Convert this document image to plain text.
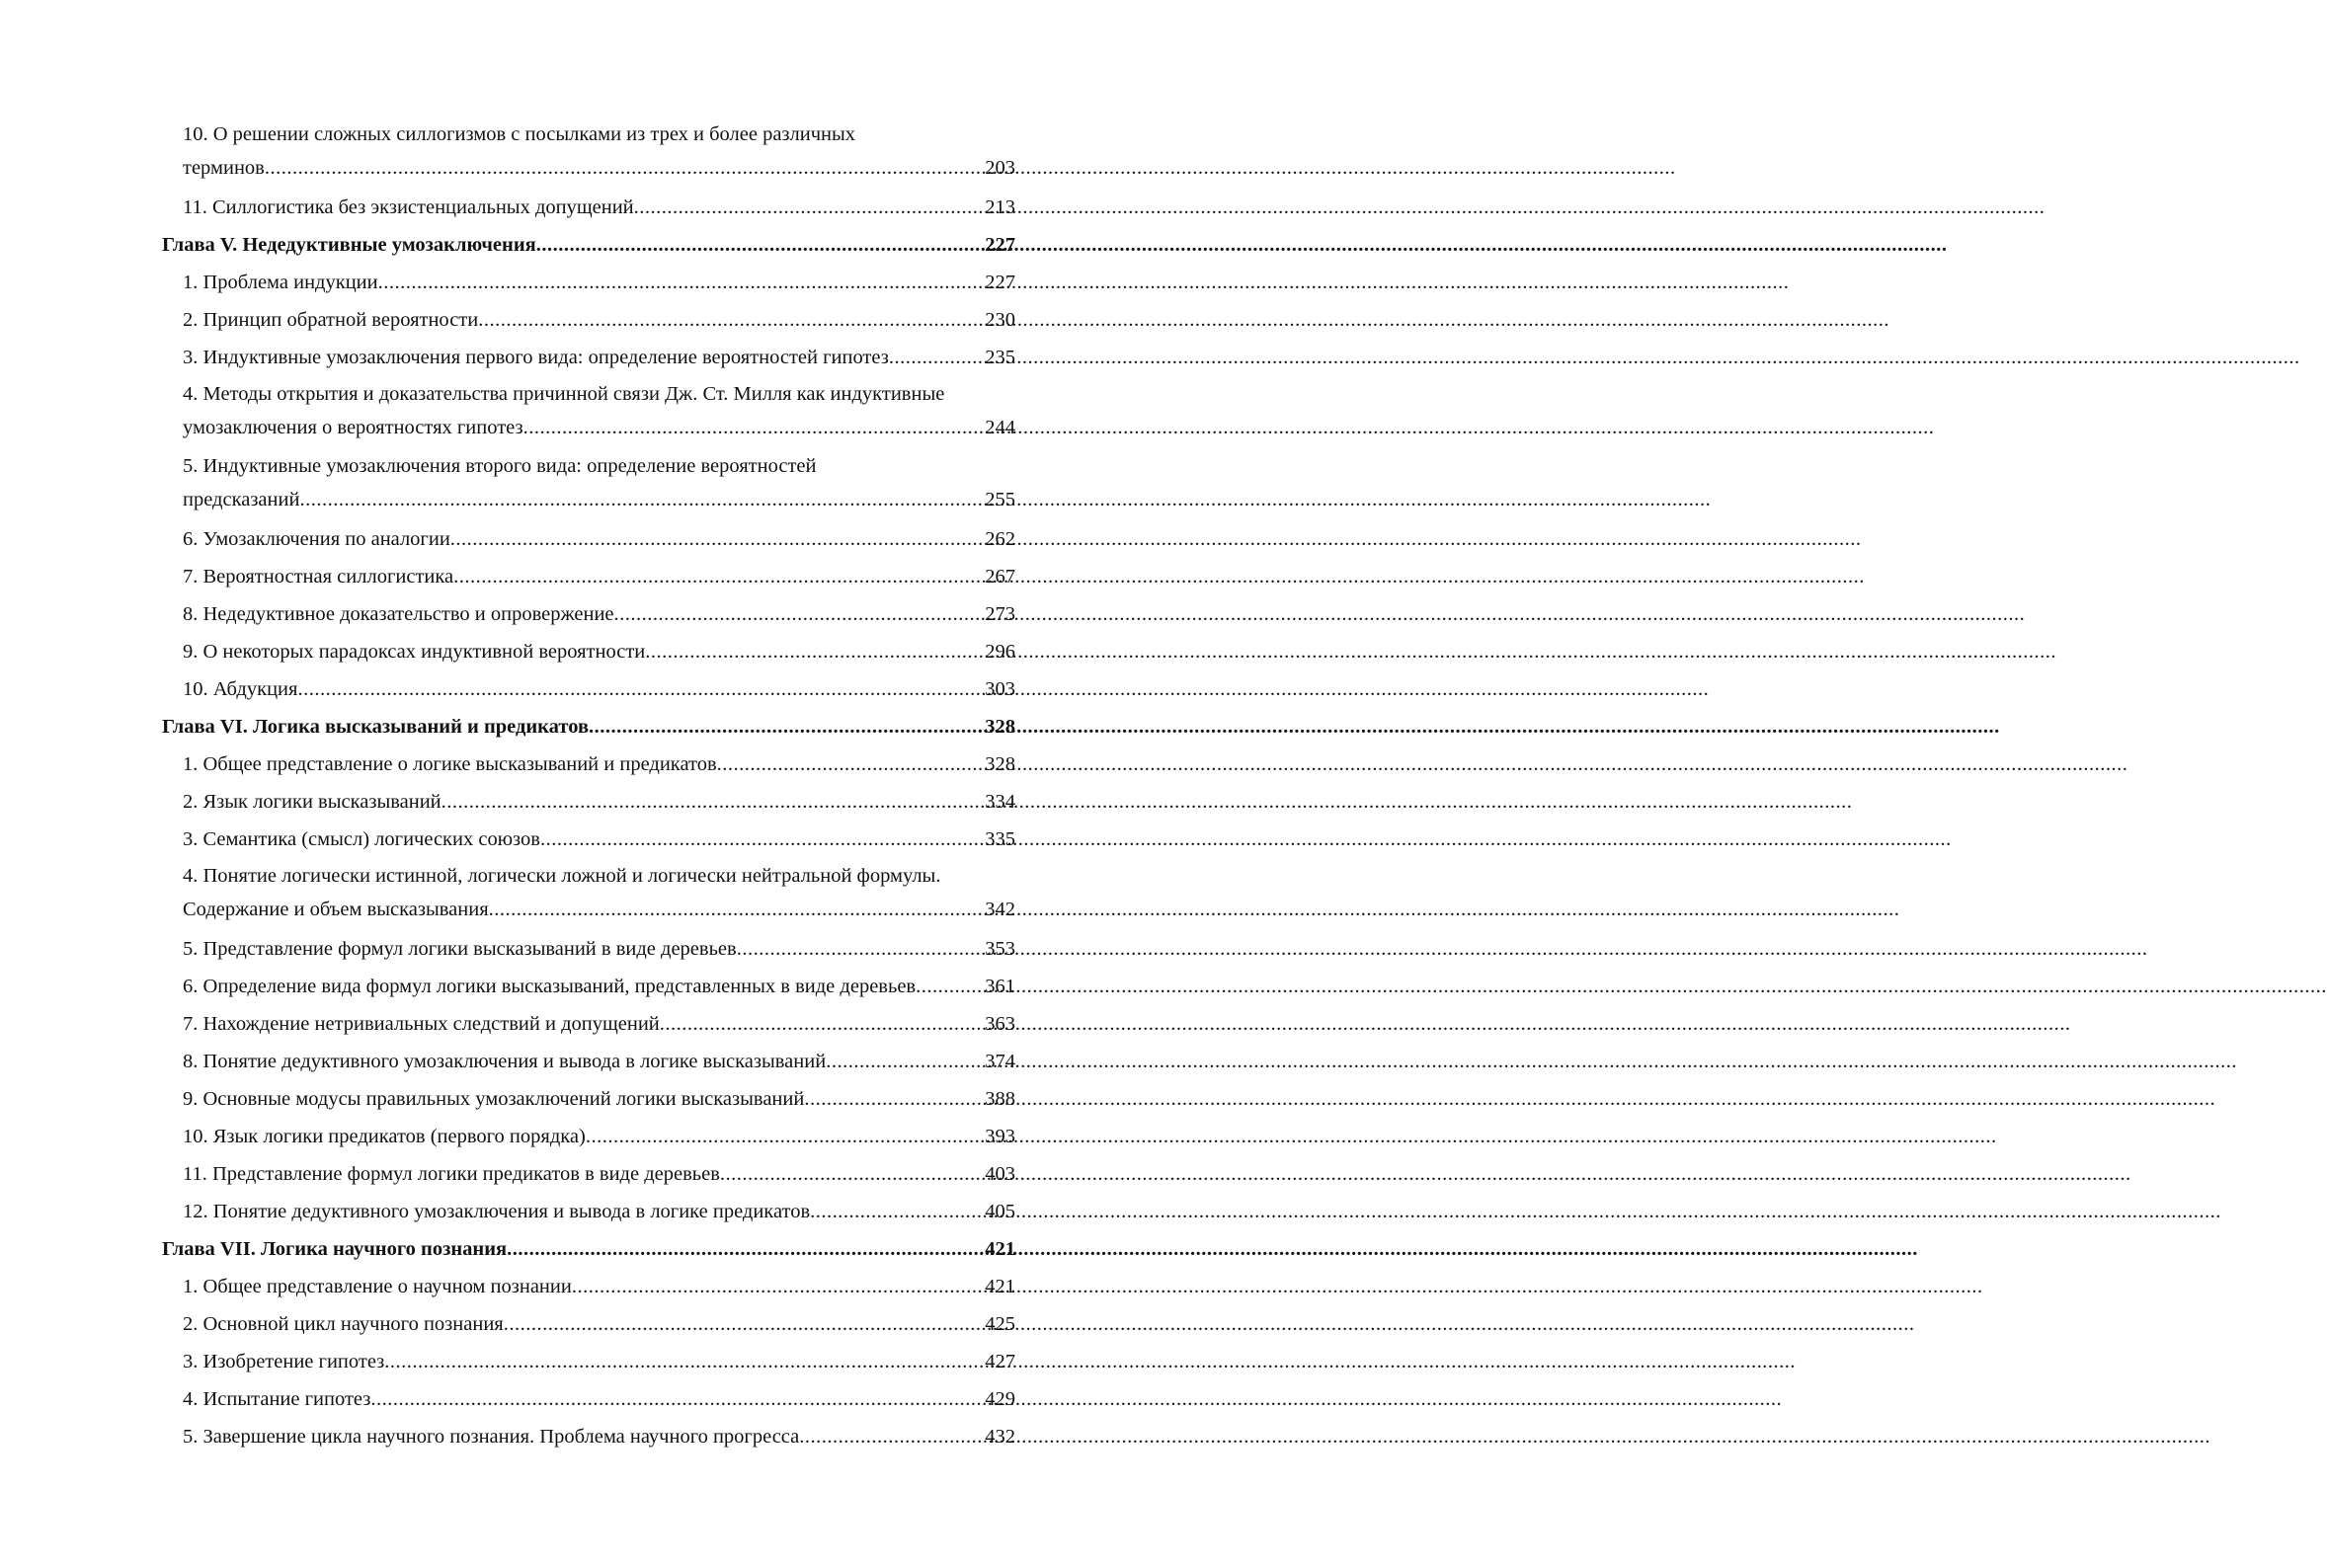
10. О решении сложных силлогизмов с посылками из трех и более различных
терминов .....	203
11. Силлогистика без экзистенциальных допущений .....	213
Глава V. Недедуктивные умозаключения .....	227
1. Проблема индукции .....	227
2. Принцип обратной вероятности .....	230
3. Индуктивные умозаключения первого вида: определение вероятностей гипотез .....	235
4. Методы открытия и доказательства причинной связи Дж. Ст. Милля как индуктивные
умозаключения о вероятностях гипотез .....	244
5. Индуктивные умозаключения второго вида: определение вероятностей
предсказаний .....	255
6. Умозаключения по аналогии .....	262
7. Вероятностная силлогистика .....	267
8. Недедуктивное доказательство и опровержение .....	273
9. О некоторых парадоксах индуктивной вероятности .....	296
10. Абдукция .....	303
Глава VI. Логика высказываний и предикатов .....	328
1. Общее представление о логике высказываний и предикатов .....	328
2. Язык логики высказываний .....	334
3. Семантика (смысл) логических союзов .....	335
4. Понятие логически истинной, логически ложной и логически нейтральной формулы.
Содержание и объем высказывания .....	342
5. Представление формул логики высказываний в виде деревьев .....	353
6. Определение вида формул логики высказываний, представленных в виде деревьев .....	361
7. Нахождение нетривиальных следствий и допущений .....	363
8. Понятие дедуктивного умозаключения и вывода в логике высказываний .....	374
9. Основные модусы правильных умозаключений логики высказываний .....	388
10. Язык логики предикатов (первого порядка) .....	393
11. Представление формул логики предикатов в виде деревьев .....	403
12. Понятие дедуктивного умозаключения и вывода в логике предикатов .....	405
Глава VII. Логика научного познания .....	421
1. Общее представление о научном познании .....	421
2. Основной цикл научного познания .....	425
3. Изобретение гипотез .....	427
4. Испытание гипотез .....	429
5. Завершение цикла научного познания. Проблема научного прогресса .....	432
